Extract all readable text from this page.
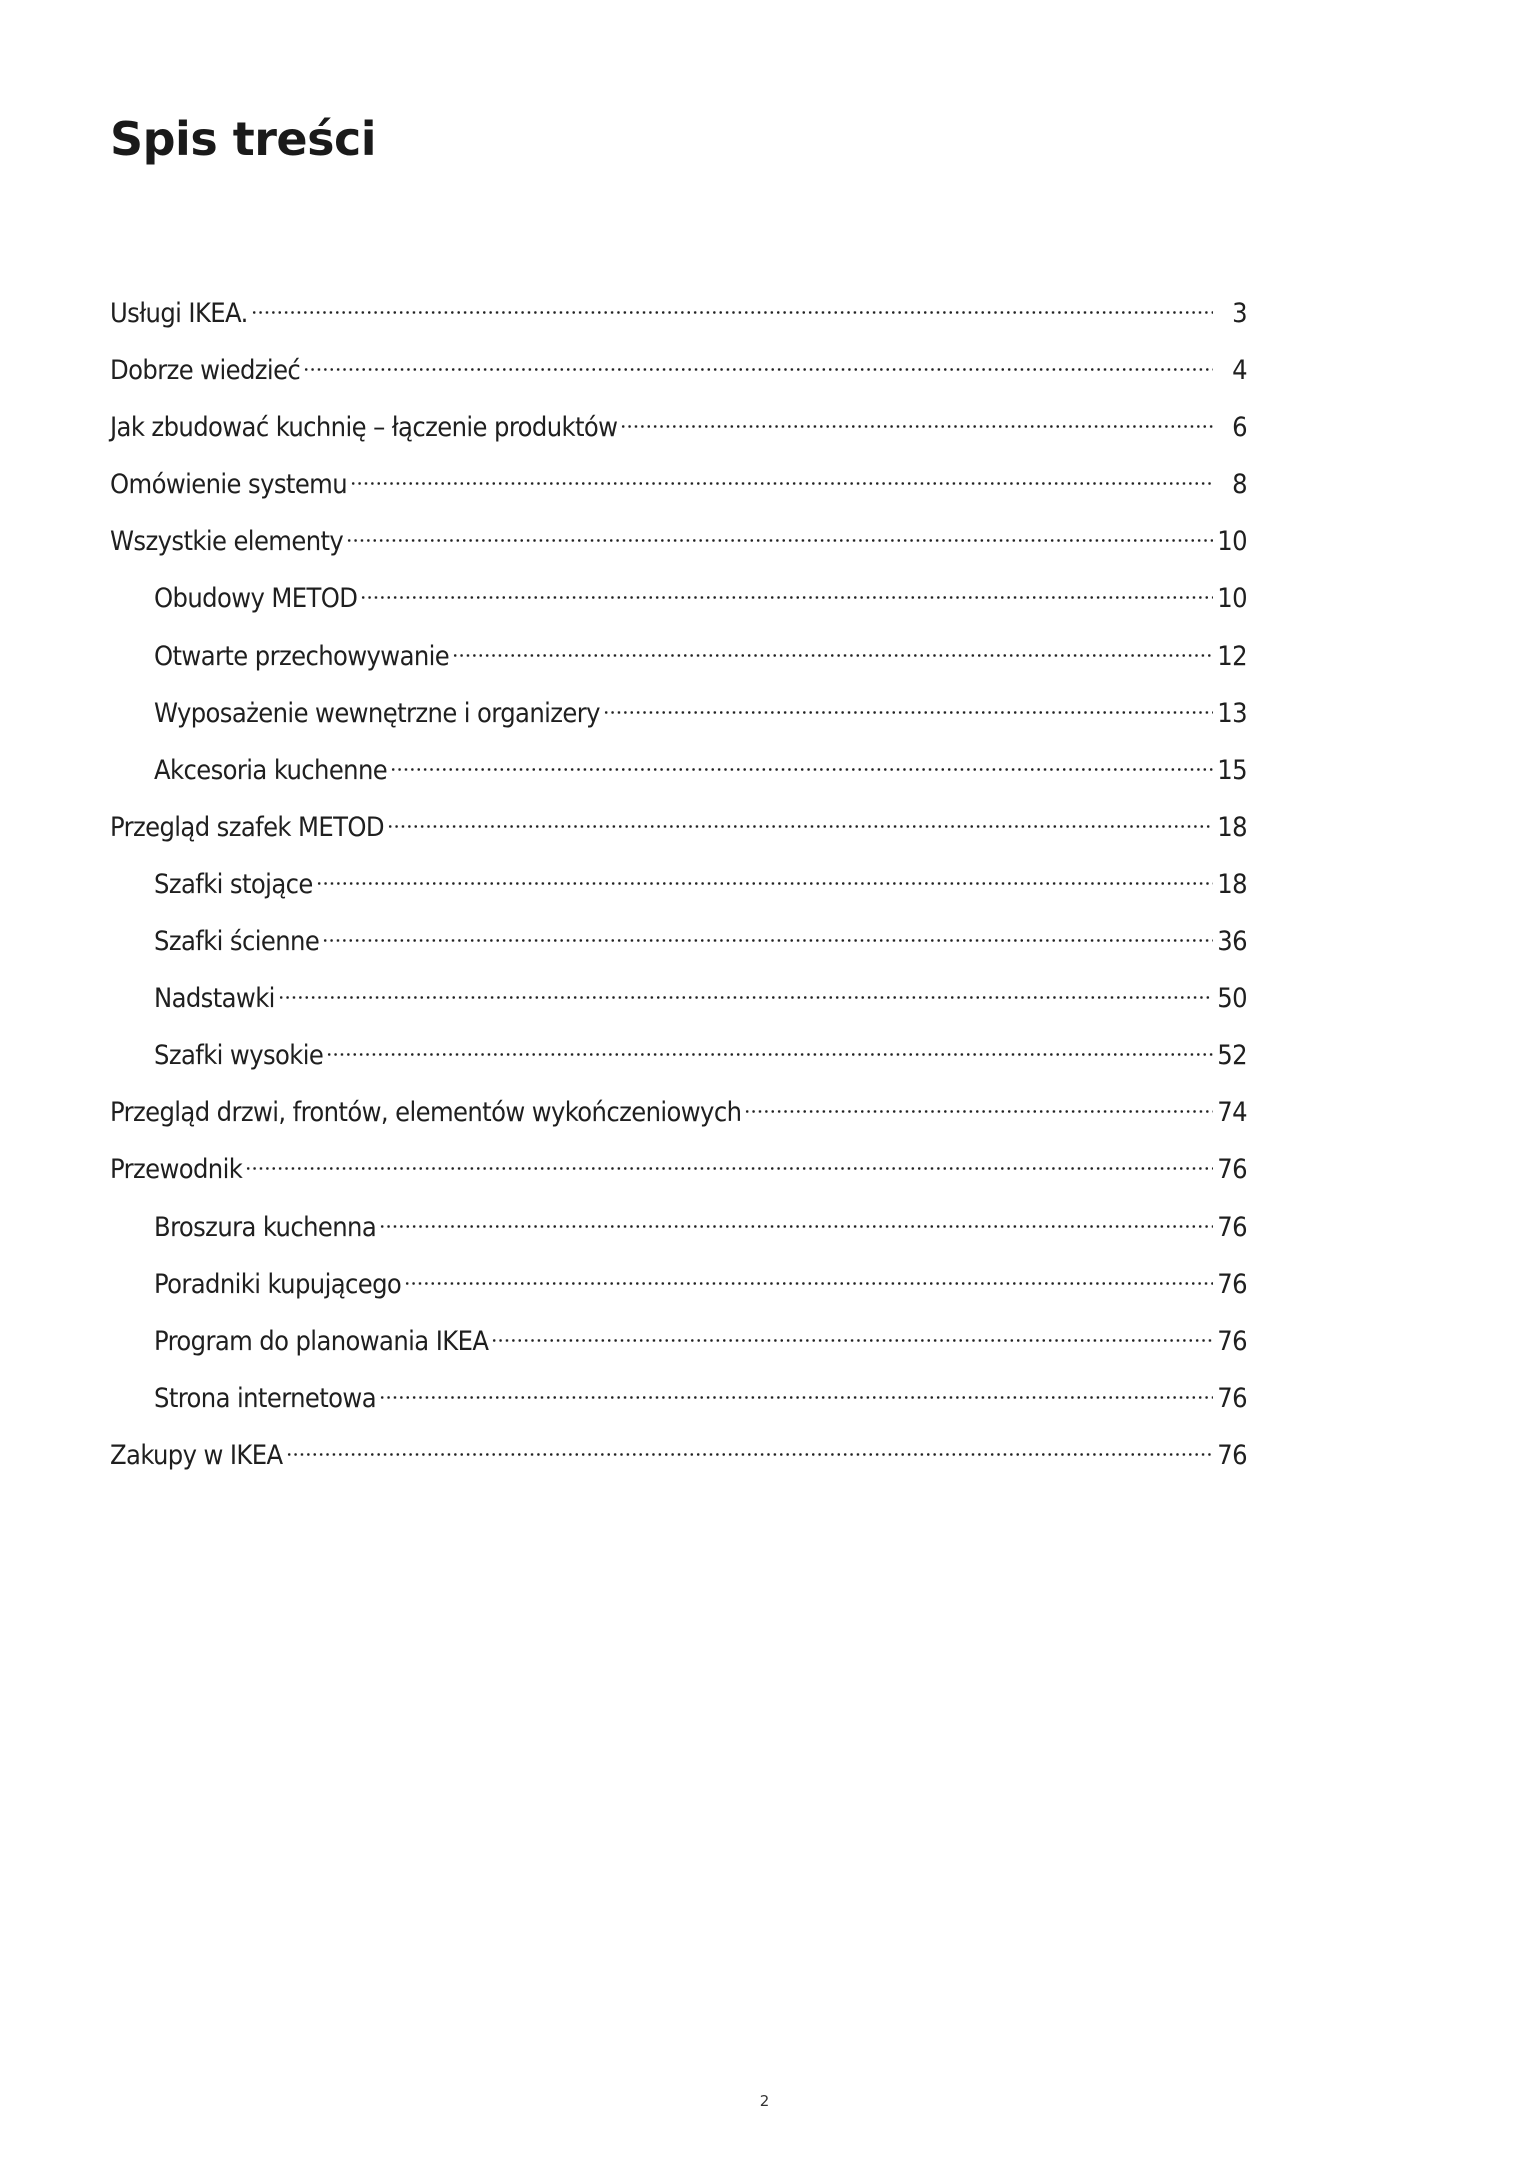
Spis treści
Usługi IKEA.	3
Dobrze wiedzieć	4
Jak zbudować kuchnię – łączenie produktów	6
Omówienie systemu	8
Wszystkie elementy	10
Obudowy METOD	10
Otwarte przechowywanie	12
Wyposażenie wewnętrzne i organizery	13
Akcesoria kuchenne	15
Przegląd szafek METOD	18
Szafki stojące	18
Szafki ścienne	36
Nadstawki	50
Szafki wysokie	52
Przegląd drzwi, frontów, elementów wykończeniowych	74
Przewodnik	76
Broszura kuchenna	76
Poradniki kupującego	76
Program do planowania IKEA	76
Strona internetowa	76
Zakupy w IKEA	76
2
